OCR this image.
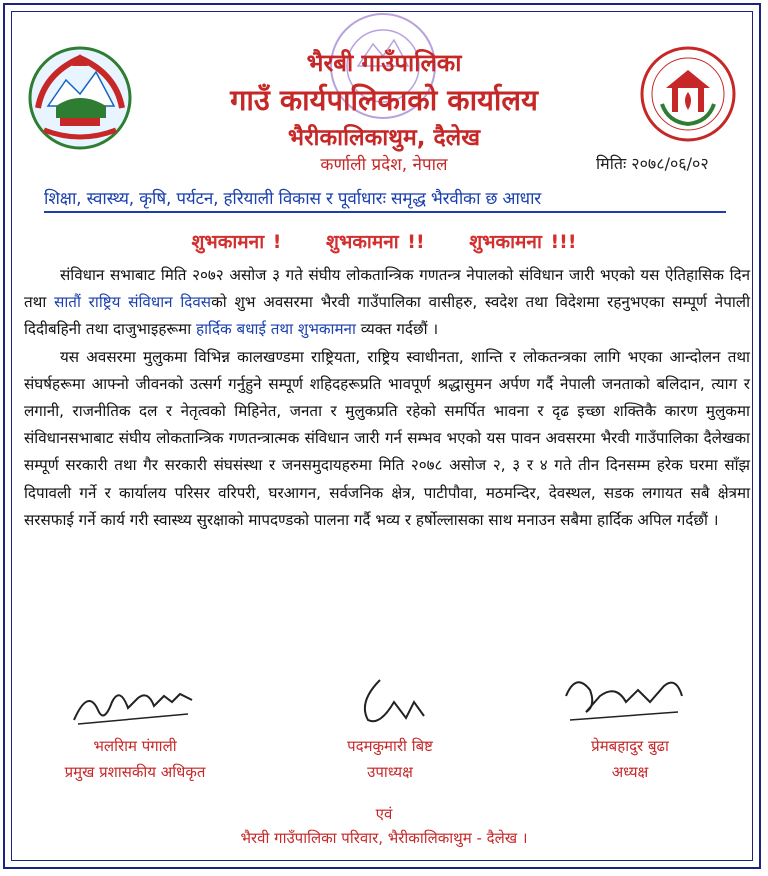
भैरबी गाउँपालिका
गाउँ कार्यपालिकाको कार्यालय
भैरीकालिकाथुम, दैलेख
कर्णाली प्रदेश, नेपाल	मितिः २०७८/०६/०२
शिक्षा, स्वास्थ्य, कृषि, पर्यटन, हरियाली विकास र पूर्वाधारः समृद्ध भैरवीका छ आधार
शुभकामना ! शुभकामना !! शुभकामना !!!

संविधान सभाबाट मिति २०७२ असोज ३ गते संघीय लोकतान्त्रिक गणतन्त्र नेपालको संविधान जारी भएको यस ऐतिहासिक दिन तथा सातौं राष्ट्रिय संविधान दिवसको शुभ अवसरमा भैरवी गाउँपालिका वासीहरु, स्वदेश तथा विदेशमा रहनुभएका सम्पूर्ण नेपाली दिदीबहिनी तथा दाजुभाइहरूमा हार्दिक बधाई तथा शुभकामना व्यक्त गर्दछौं ।

यस अवसरमा मुलुकमा विभिन्न कालखण्डमा राष्ट्रियता, राष्ट्रिय स्वाधीनता, शान्ति र लोकतन्त्रका लागि भएका आन्दोलन तथा संघर्षहरूमा आफ्नो जीवनको उत्सर्ग गर्नुहुने सम्पूर्ण शहिदहरूप्रति भावपूर्ण श्रद्धासुमन अर्पण गर्दै नेपाली जनताको बलिदान, त्याग र लगानी, राजनीतिक दल र नेतृत्वको मिहिनेत, जनता र मुलुकप्रति रहेको समर्पित भावना र दृढ इच्छा शक्तिकै कारण मुलुकमा संविधानसभाबाट संघीय लोकतान्त्रिक गणतन्त्रात्मक संविधान जारी गर्न सम्भव भएको यस पावन अवसरमा भैरवी गाउँपालिका दैलेखका सम्पूर्ण सरकारी तथा गैर सरकारी संघसंस्था र जनसमुदायहरुमा मिति २०७८ असोज २, ३ र ४ गते तीन दिनसम्म हरेक घरमा साँझ दिपावली गर्ने र कार्यालय परिसर वरिपरी, घरआगन, सर्वजनिक क्षेत्र, पाटीपौवा, मठमन्दिर, देवस्थल, सडक लगायत सबै क्षेत्रमा सरसफाई गर्ने कार्य गरी स्वास्थ्य सुरक्षाको मापदण्डको पालना गर्दै भव्य र हर्षोल्लासका साथ मनाउन सबैमा हार्दिक अपिल गर्दछौं ।

भलरािम पंगाली
प्रमुख प्रशासकीय अधिकृत
पदमकुमारी बिष्ट
उपाध्यक्ष
प्रेमबहादुर बुढा
अध्यक्ष
एवं
भैरवी गाउँपालिका परिवार, भैरीकालिकाथुम - दैलेख ।
